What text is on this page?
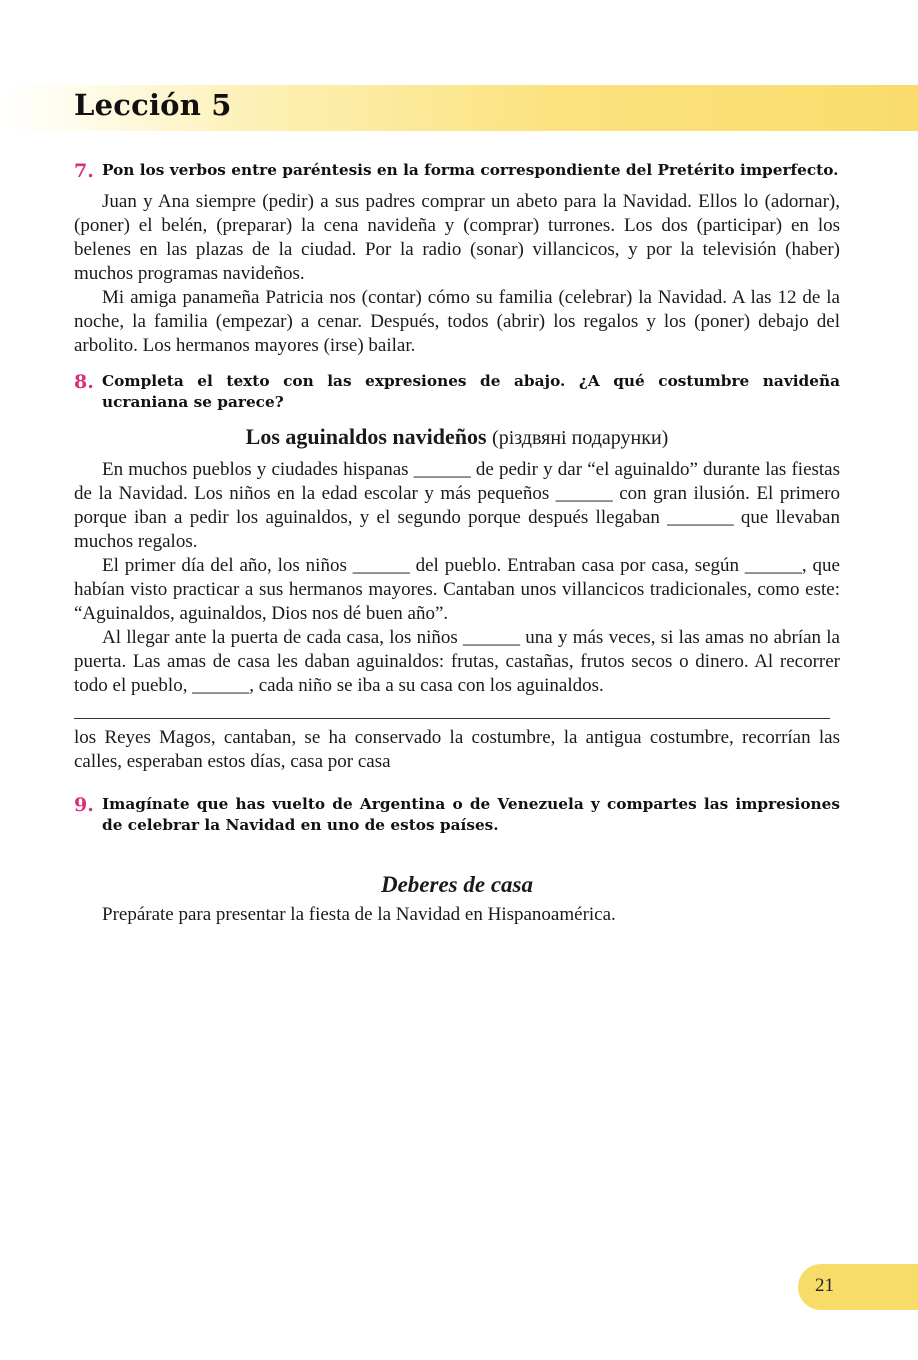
Lección 5
7. Pon los verbos entre paréntesis en la forma correspondiente del Pretérito imperfecto.

Juan y Ana siempre (pedir) a sus padres comprar un abeto para la Navidad. Ellos lo (adornar), (poner) el belén, (preparar) la cena navideña y (comprar) turrones. Los dos (participar) en los belenes en las plazas de la ciudad. Por la radio (sonar) villancicos, y por la televisión (haber) muchos programas navideños.

Mi amiga panameña Patricia nos (contar) cómo su familia (celebrar) la Navidad. A las 12 de la noche, la familia (empezar) a cenar. Después, todos (abrir) los regalos y los (poner) debajo del arbolito. Los hermanos mayores (irse) bailar.

8. Completa el texto con las expresiones de abajo. ¿A qué costumbre navideña ucraniana se parece?
Los aguinaldos navideños (різдвяні подарунки)

En muchos pueblos y ciudades hispanas ______ de pedir y dar “el aguinaldo” durante las fiestas de la Navidad. Los niños en la edad escolar y más pequeños ______ con gran ilusión. El primero porque iban a pedir los aguinaldos, y el segundo porque después llegaban _______ que llevaban muchos regalos.

El primer día del año, los niños ______ del pueblo. Entraban casa por casa, según ______, que habían visto practicar a sus hermanos mayores. Cantaban unos villancicos tradicionales, como este: “Aguinaldos, aguinaldos, Dios nos dé buen año”.

Al llegar ante la puerta de cada casa, los niños ______ una y más veces, si las amas no abrían la puerta. Las amas de casa les daban aguinaldos: frutas, castañas, frutos secos o dinero. Al recorrer todo el pueblo, ______, cada niño se iba a su casa con los aguinaldos.

los Reyes Magos, cantaban, se ha conservado la costumbre, la antigua costumbre, recorrían las calles, esperaban estos días, casa por casa

9. Imagínate que has vuelto de Argentina o de Venezuela y compartes las impresiones de celebrar la Navidad en uno de estos países.
Deberes de casa

Prepárate para presentar la fiesta de la Navidad en Hispanoamérica.

21
